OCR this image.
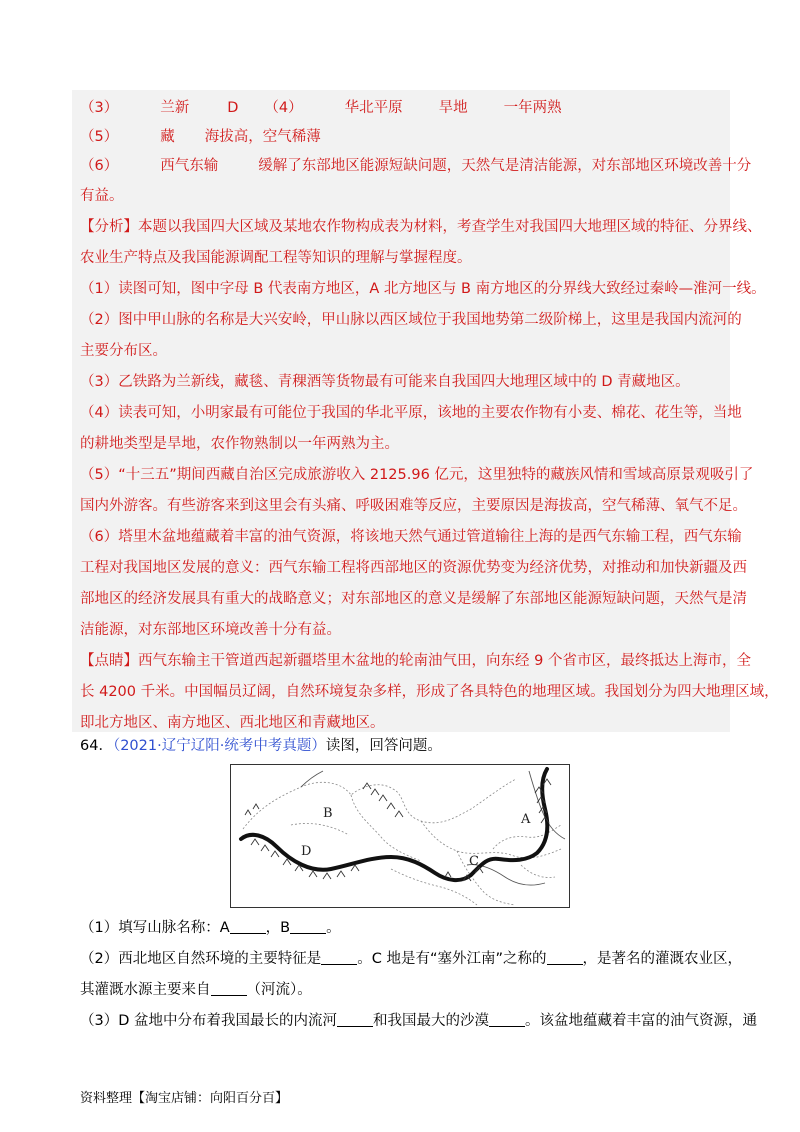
（3）	兰新	D （4）	华北平原 旱地 一年两熟
（5）	藏 海拔高，空气稀薄
（6）	西气东输	缓解了东部地区能源短缺问题，天然气是清洁能源，对东部地区环境改善十分
有益。
【分析】本题以我国四大区域及某地农作物构成表为材料，考查学生对我国四大地理区域的特征、分界线、
农业生产特点及我国能源调配工程等知识的理解与掌握程度。
（1）读图可知，图中字母 B 代表南方地区，A 北方地区与 B 南方地区的分界线大致经过秦岭—淮河一线。
（2）图中甲山脉的名称是大兴安岭，甲山脉以西区域位于我国地势第二级阶梯上，这里是我国内流河的
主要分布区。
（3）乙铁路为兰新线，藏毯、青稞酒等货物最有可能来自我国四大地理区域中的 D 青藏地区。
（4）读表可知，小明家最有可能位于我国的华北平原，该地的主要农作物有小麦、棉花、花生等，当地
的耕地类型是旱地，农作物熟制以一年两熟为主。
（5）“十三五”期间西藏自治区完成旅游收入 2125.96 亿元，这里独特的藏族风情和雪域高原景观吸引了
国内外游客。有些游客来到这里会有头痛、呼吸困难等反应，主要原因是海拔高，空气稀薄、氧气不足。
（6）塔里木盆地蕴藏着丰富的油气资源，将该地天然气通过管道输往上海的是西气东输工程，西气东输
工程对我国地区发展的意义：西气东输工程将西部地区的资源优势变为经济优势，对推动和加快新疆及西
部地区的经济发展具有重大的战略意义；对东部地区的意义是缓解了东部地区能源短缺问题，天然气是清
洁能源，对东部地区环境改善十分有益。
【点睛】西气东输主干管道西起新疆塔里木盆地的轮南油气田，向东经 9 个省市区，最终抵达上海市，全
长 4200 千米。中国幅员辽阔，自然环境复杂多样，形成了各具特色的地理区域。我国划分为四大地理区域，
即北方地区、南方地区、西北地区和青藏地区。
64．（2021·辽宁辽阳·统考中考真题）读图，回答问题。
B
D
C
A
（1）填写山脉名称：A ，B 。
（2）西北地区自然环境的主要特征是 。C 地是有“塞外江南”之称的 ，是著名的灌溉农业区，
其灌溉水源主要来自 （河流）。
（3）D 盆地中分布着我国最长的内流河 和我国最大的沙漠 。该盆地蕴藏着丰富的油气资源，通
资料整理【淘宝店铺：向阳百分百】
